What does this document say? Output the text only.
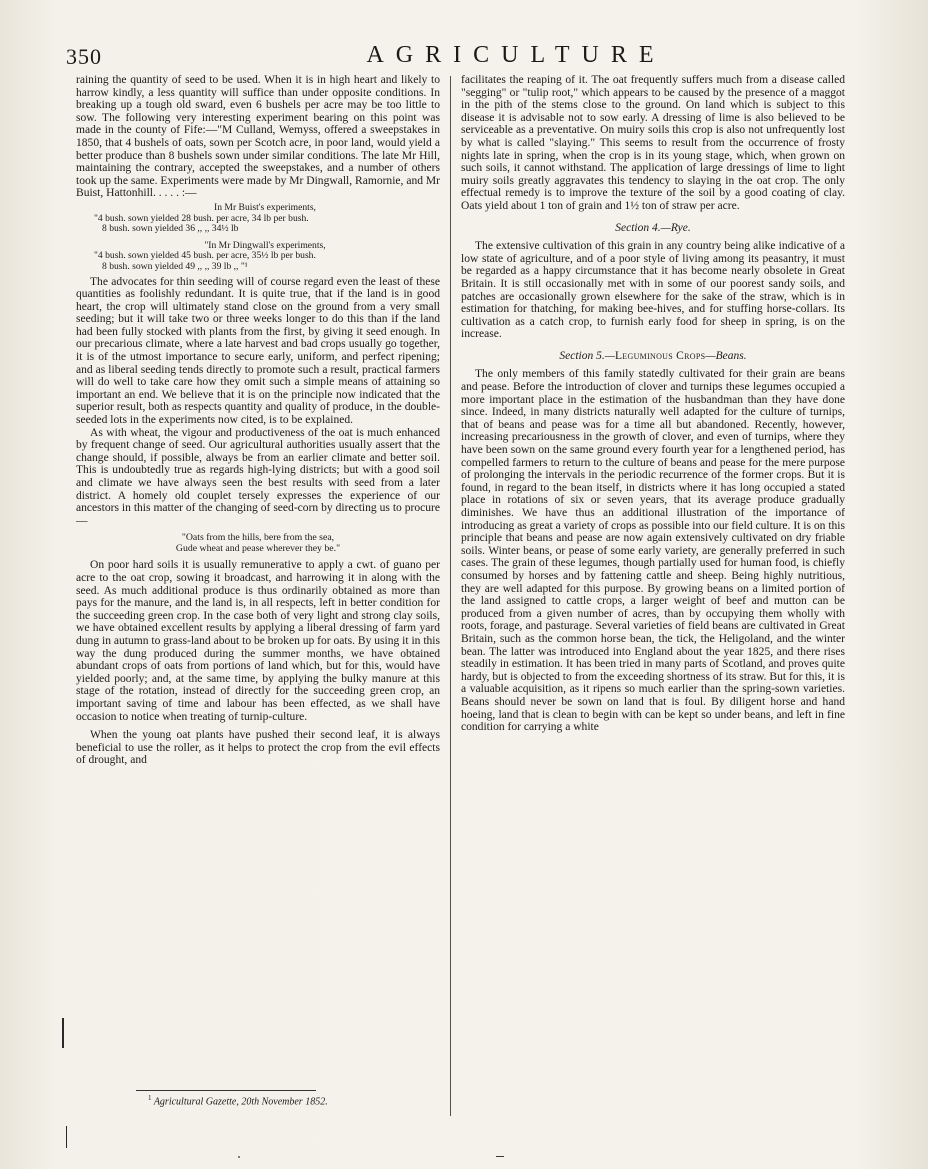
350	AGRICULTURE

raining the quantity of seed to be used. When it is in high heart and likely to harrow kindly, a less quantity will suffice than under opposite conditions. In breaking up a tough old sward, even 6 bushels per acre may be too little to sow. The following very interesting experiment bearing on this point was made in the county of Fife:—"M Culland, Wemyss, offered a sweepstakes in 1850, that 4 bushels of oats, sown per Scotch acre, in poor land, would yield a better produce than 8 bushels sown under similar conditions. The late Mr Hill, maintaining the contrary, accepted the sweepstakes, and a number of others took up the same. Experiments were made by Mr Dingwall, Ramornie, and Mr Buist, Hattonhill. . . . . :—

In Mr Buist's experiments,
"4 bush. sown yielded 28 bush. per acre, 34 lb per bush.
8 bush. sown yielded 36 ,, ,, 34½ lb
"In Mr Dingwall's experiments,
"4 bush. sown yielded 45 bush. per acre, 35½ lb per bush.
8 bush. sown yielded 49 ,, ,, 39 lb ,, "¹

The advocates for thin seeding will of course regard even the least of these quantities as foolishly redundant. It is quite true, that if the land is in good heart, the crop will ultimately stand close on the ground from a very small seeding; but it will take two or three weeks longer to do this than if the land had been fully stocked with plants from the first, by giving it seed enough. In our precarious climate, where a late harvest and bad crops usually go together, it is of the utmost importance to secure early, uniform, and perfect ripening; and as liberal seeding tends directly to promote such a result, practical farmers will do well to take care how they omit such a simple means of attaining so important an end. We believe that it is on the principle now indicated that the superior result, both as respects quantity and quality of produce, in the double-seeded lots in the experiments now cited, is to be explained.

As with wheat, the vigour and productiveness of the oat is much enhanced by frequent change of seed. Our agricultural authorities usually assert that the change should, if possible, always be from an earlier climate and better soil. This is undoubtedly true as regards high-lying districts; but with a good soil and climate we have always seen the best results with seed from a later district. A homely old couplet tersely expresses the experience of our ancestors in this matter of the changing of seed-corn by directing us to procure—

"Oats from the hills, bere from the sea,
Gude wheat and pease wherever they be."

On poor hard soils it is usually remunerative to apply a cwt. of guano per acre to the oat crop, sowing it broadcast, and harrowing it in along with the seed. As much additional produce is thus ordinarily obtained as more than pays for the manure, and the land is, in all respects, left in better condition for the succeeding green crop. In the case both of very light and strong clay soils, we have obtained excellent results by applying a liberal dressing of farm yard dung in autumn to grass-land about to be broken up for oats. By using it in this way the dung produced during the summer months, we have obtained abundant crops of oats from portions of land which, but for this, would have yielded poorly; and, at the same time, by applying the bulky manure at this stage of the rotation, instead of directly for the succeeding green crop, an important saving of time and labour has been effected, as we shall have occasion to notice when treating of turnip-culture.

When the young oat plants have pushed their second leaf, it is always beneficial to use the roller, as it helps to protect the crop from the evil effects of drought, and

facilitates the reaping of it. The oat frequently suffers much from a disease called "segging" or "tulip root," which appears to be caused by the presence of a maggot in the pith of the stems close to the ground. On land which is subject to this disease it is advisable not to sow early. A dressing of lime is also believed to be serviceable as a preventative. On muiry soils this crop is also not unfrequently lost by what is called "slaying." This seems to result from the occurrence of frosty nights late in spring, when the crop is in its young stage, which, when grown on such soils, it cannot withstand. The application of large dressings of lime to light muiry soils greatly aggravates this tendency to slaying in the oat crop. The only effectual remedy is to improve the texture of the soil by a good coating of clay. Oats yield about 1 ton of grain and 1½ ton of straw per acre.

Section 4.—Rye.

The extensive cultivation of this grain in any country being alike indicative of a low state of agriculture, and of a poor style of living among its peasantry, it must be regarded as a happy circumstance that it has become nearly obsolete in Great Britain. It is still occasionally met with in some of our poorest sandy soils, and patches are occasionally grown elsewhere for the sake of the straw, which is in estimation for thatching, for making bee-hives, and for stuffing horse-collars. Its cultivation as a catch crop, to furnish early food for sheep in spring, is on the increase.

Section 5.—Leguminous Crops—Beans.

The only members of this family statedly cultivated for their grain are beans and pease. Before the introduction of clover and turnips these legumes occupied a more important place in the estimation of the husbandman than they have done since. Indeed, in many districts naturally well adapted for the culture of turnips, that of beans and pease was for a time all but abandoned. Recently, however, increasing precariousness in the growth of clover, and even of turnips, where they have been sown on the same ground every fourth year for a lengthened period, has compelled farmers to return to the culture of beans and pease for the mere purpose of prolonging the intervals in the periodic recurrence of the former crops. But it is found, in regard to the bean itself, in districts where it has long occupied a stated place in rotations of six or seven years, that its average produce gradually diminishes. We have thus an additional illustration of the importance of introducing as great a variety of crops as possible into our field culture. It is on this principle that beans and pease are now again extensively cultivated on dry friable soils. Winter beans, or pease of some early variety, are generally preferred in such cases. The grain of these legumes, though partially used for human food, is chiefly consumed by horses and by fattening cattle and sheep. Being highly nutritious, they are well adapted for this purpose. By growing beans on a limited portion of the land assigned to cattle crops, a larger weight of beef and mutton can be produced from a given number of acres, than by occupying them wholly with roots, forage, and pasturage. Several varieties of field beans are cultivated in Great Britain, such as the common horse bean, the tick, the Heligoland, and the winter bean. The latter was introduced into England about the year 1825, and there rises steadily in estimation. It has been tried in many parts of Scotland, and proves quite hardy, but is objected to from the exceeding shortness of its straw. But for this, it is a valuable acquisition, as it ripens so much earlier than the spring-sown varieties. Beans should never be sown on land that is foul. By diligent horse and hand hoeing, land that is clean to begin with can be kept so under beans, and left in fine condition for carrying a white

$^1$ Agricultural Gazette, 20th November 1852.
